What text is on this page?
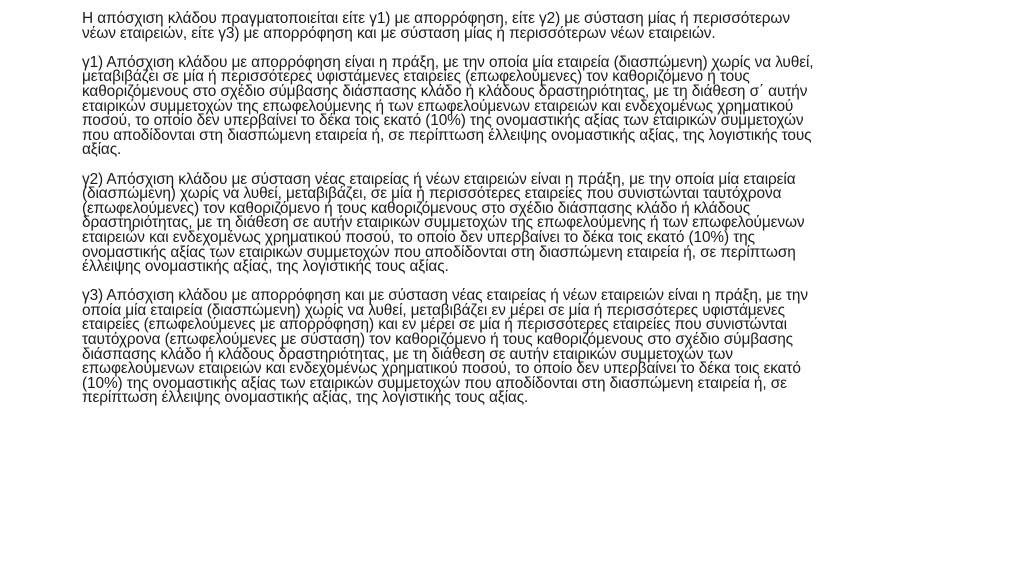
Η απόσχιση κλάδου πραγματοποιείται είτε γ1) με απορρόφηση, είτε γ2) με σύσταση μίας ή περισσότερων
νέων εταιρειών, είτε γ3) με απορρόφηση και με σύσταση μίας ή περισσότερων νέων εταιρειών.

γ1) Απόσχιση κλάδου με απορρόφηση είναι η πράξη, με την οποία μία εταιρεία (διασπώμενη) χωρίς να λυθεί,
μεταβιβάζει σε μία ή περισσότερες υφιστάμενες εταιρείες (επωφελούμενες) τον καθοριζόμενο ή τους
καθοριζόμενους στο σχέδιο σύμβασης διάσπασης κλάδο ή κλάδους δραστηριότητας, με τη διάθεση σ΄ αυτήν
εταιρικών συμμετοχών της επωφελούμενης ή των επωφελούμενων εταιρειών και ενδεχομένως χρηματικού
ποσού, το οποίο δεν υπερβαίνει το δέκα τοις εκατό (10%) της ονομαστικής αξίας των εταιρικών συμμετοχών
που αποδίδονται στη διασπώμενη εταιρεία ή, σε περίπτωση έλλειψης ονομαστικής αξίας, της λογιστικής τους
αξίας.

γ2) Απόσχιση κλάδου με σύσταση νέας εταιρείας ή νέων εταιρειών είναι η πράξη, με την οποία μία εταιρεία
(διασπώμενη) χωρίς να λυθεί, μεταβιβάζει, σε μία ή περισσότερες εταιρείες που συνιστώνται ταυτόχρονα
(επωφελούμενες) τον καθοριζόμενο ή τους καθοριζόμενους στο σχέδιο διάσπασης κλάδο ή κλάδους
δραστηριότητας, με τη διάθεση σε αυτήν εταιρικών συμμετοχών της επωφελούμενης ή των επωφελούμενων
εταιρειών και ενδεχομένως χρηματικού ποσού, το οποίο δεν υπερβαίνει το δέκα τοις εκατό (10%) της
ονομαστικής αξίας των εταιρικών συμμετοχών που αποδίδονται στη διασπώμενη εταιρεία ή, σε περίπτωση
έλλειψης ονομαστικής αξίας, της λογιστικής τους αξίας.

γ3) Απόσχιση κλάδου με απορρόφηση και με σύσταση νέας εταιρείας ή νέων εταιρειών είναι η πράξη, με την
οποία μία εταιρεία (διασπώμενη) χωρίς να λυθεί, μεταβιβάζει εν μέρει σε μία ή περισσότερες υφιστάμενες
εταιρείες (επωφελούμενες με απορρόφηση) και εν μέρει σε μία ή περισσότερες εταιρείες που συνιστώνται
ταυτόχρονα (επωφελούμενες με σύσταση) τον καθοριζόμενο ή τους καθοριζόμενους στο σχέδιο σύμβασης
διάσπασης κλάδο ή κλάδους δραστηριότητας, με τη διάθεση σε αυτήν εταιρικών συμμετοχών των
επωφελούμενων εταιρειών και ενδεχομένως χρηματικού ποσού, το οποίο δεν υπερβαίνει το δέκα τοις εκατό
(10%) της ονομαστικής αξίας των εταιρικών συμμετοχών που αποδίδονται στη διασπώμενη εταιρεία ή, σε
περίπτωση έλλειψης ονομαστικής αξίας, της λογιστικής τους αξίας.
